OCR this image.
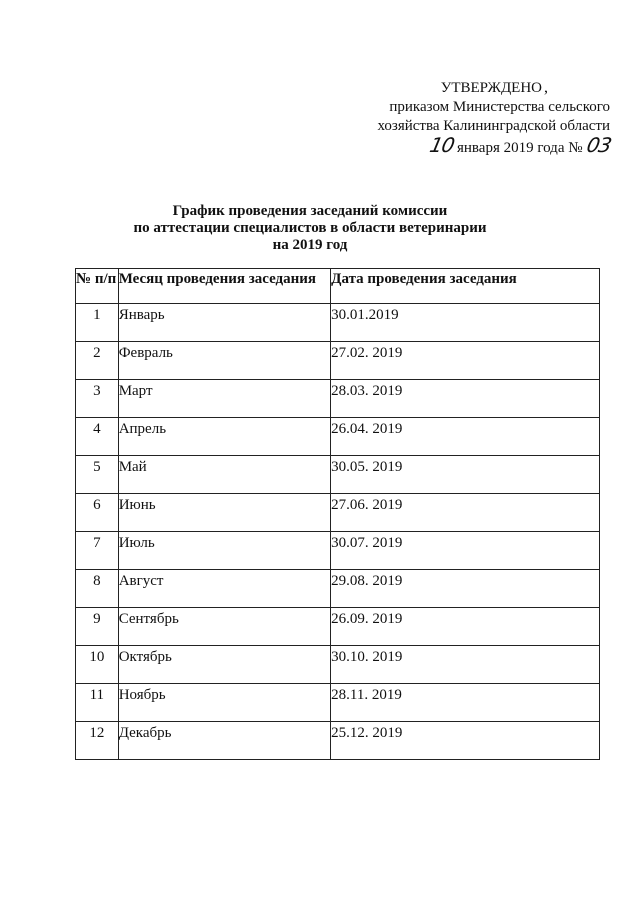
УТВЕРЖДЕНО ,
приказом Министерства сельского
хозяйства Калининградской области
10января 2019 года №03
График проведения заседаний комиссии
по аттестации специалистов в области ветеринарии
на 2019 год
№ п/п	Месяц проведения заседания	Дата проведения заседания
1	Январь	30.01.2019
2	Февраль	27.02. 2019
3	Март	28.03. 2019
4	Апрель	26.04. 2019
5	Май	30.05. 2019
6	Июнь	27.06. 2019
7	Июль	30.07. 2019
8	Август	29.08. 2019
9	Сентябрь	26.09. 2019
10	Октябрь	30.10. 2019
11	Ноябрь	28.11. 2019
12	Декабрь	25.12. 2019
